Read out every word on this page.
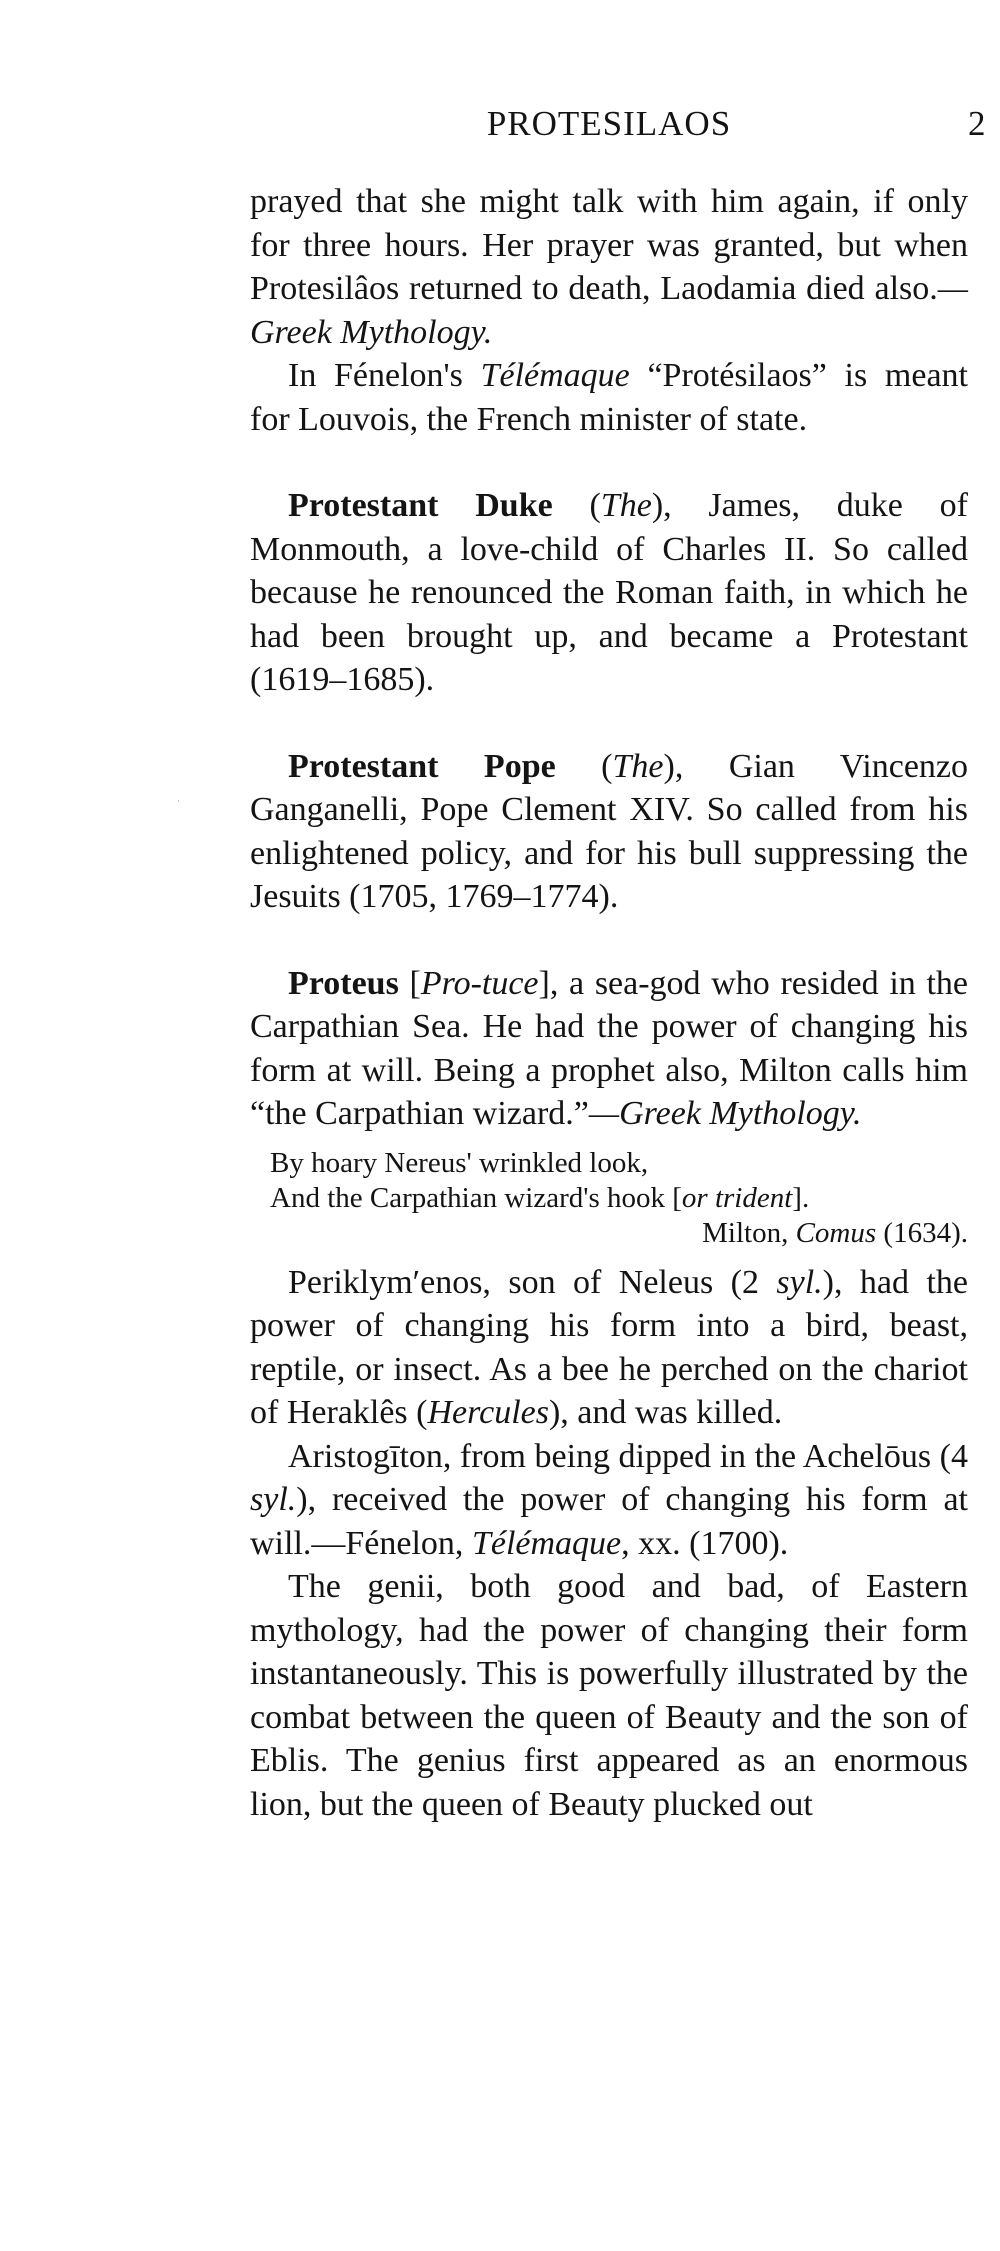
PROTESILAOS	2

prayed that she might talk with him again, if only for three hours. Her prayer was granted, but when Protesilâos returned to death, Laodamia died also.—Greek Mythology.

In Fénelon's Télémaque “Protésilaos” is meant for Louvois, the French minister of state.

Protestant Duke (The), James, duke of Monmouth, a love-child of Charles II. So called because he renounced the Roman faith, in which he had been brought up, and became a Protestant (1619–1685).

Protestant Pope (The), Gian Vincenzo Ganganelli, Pope Clement XIV. So called from his enlightened policy, and for his bull suppressing the Jesuits (1705, 1769–1774).

Proteus [Pro-tuce], a sea-god who resided in the Carpathian Sea. He had the power of changing his form at will. Being a prophet also, Milton calls him “the Carpathian wizard.”—Greek Mythology.

By hoary Nereus' wrinkled look,
And the Carpathian wizard's hook [or trident].
Milton, Comus (1634).

Periklym′enos, son of Neleus (2 syl.), had the power of changing his form into a bird, beast, reptile, or insect. As a bee he perched on the chariot of Heraklês (Hercules), and was killed.

Aristogīton, from being dipped in the Achelōus (4 syl.), received the power of changing his form at will.—Fénelon, Télémaque, xx. (1700).

The genii, both good and bad, of Eastern mythology, had the power of changing their form instantaneously. This is powerfully illustrated by the combat between the queen of Beauty and the son of Eblis. The genius first appeared as an enormous lion, but the queen of Beauty plucked out
